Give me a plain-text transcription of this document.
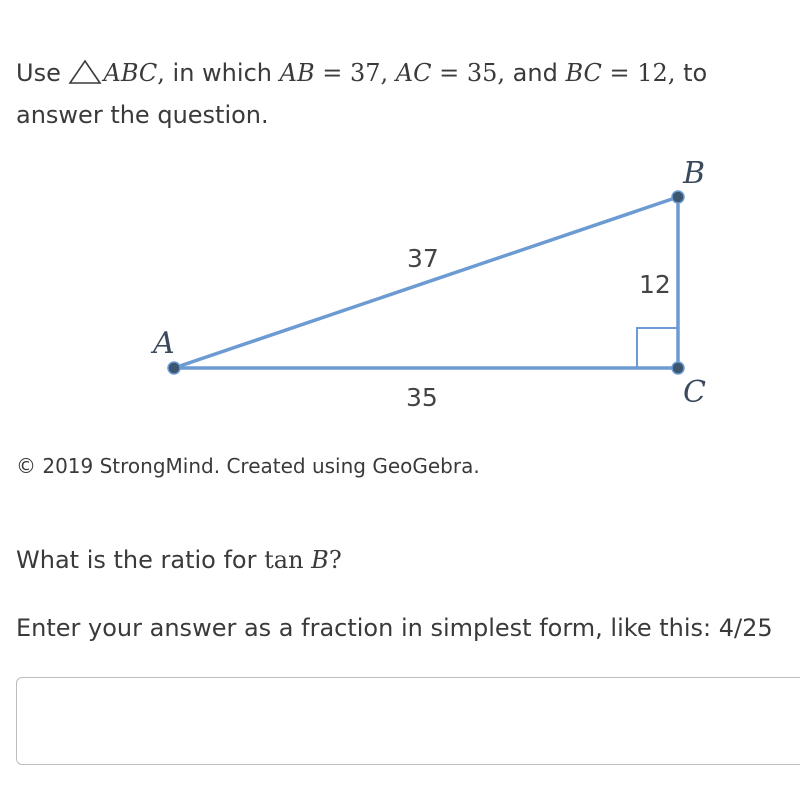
Use ABC, in which AB = 37, AC = 35, and BC = 12, to answer the question.

A
B
C
37
12
35

© 2019 StrongMind. Created using GeoGebra.

What is the ratio for tan B?

Enter your answer as a fraction in simplest form, like this: 4/25
